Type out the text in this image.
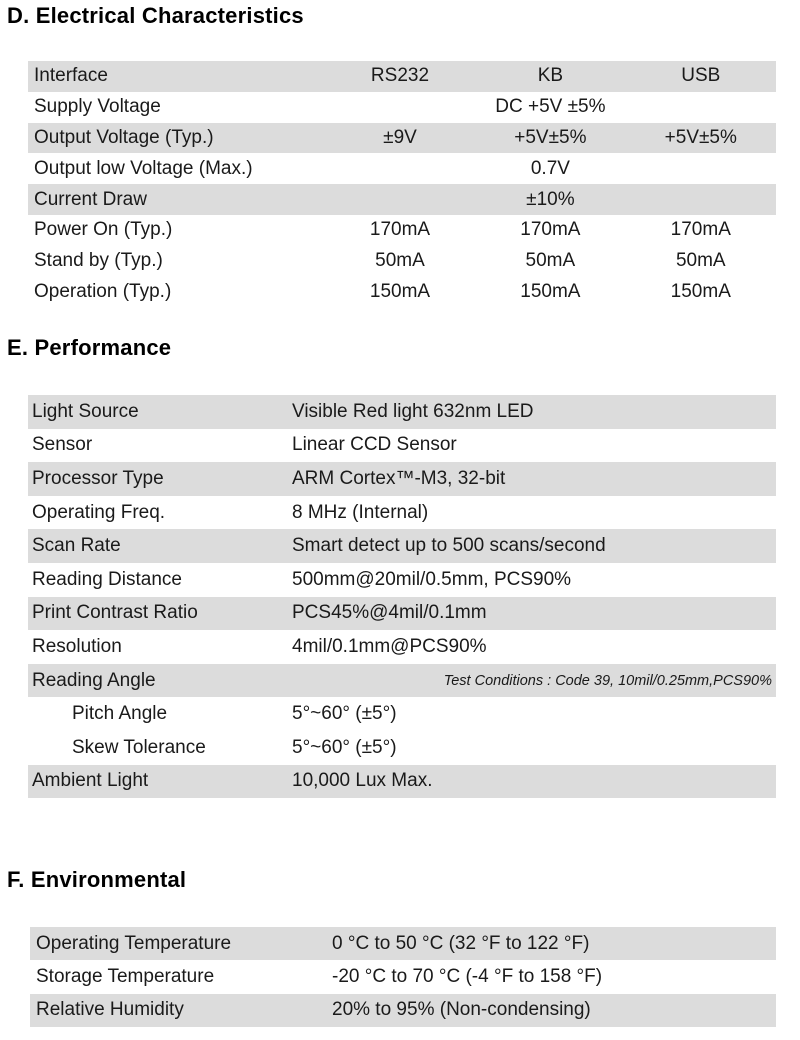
D. Electrical Characteristics
Interface	RS232	KB	USB
Supply Voltage	DC +5V ±5%		
Output Voltage (Typ.)	±9V	+5V±5%	+5V±5%
Output low Voltage (Max.)	0.7V		
Current Draw	±10%		
Power On (Typ.)	170mA	170mA	170mA
Stand by (Typ.)	50mA	50mA	50mA
Operation (Typ.)	150mA	150mA	150mA
E. Performance
Light Source	Visible Red light 632nm LED
Sensor	Linear CCD Sensor
Processor Type	ARM Cortex™-M3, 32-bit
Operating Freq.	8 MHz (Internal)
Scan Rate	Smart detect up to 500 scans/second
Reading Distance	500mm@20mil/0.5mm, PCS90%
Print Contrast Ratio	PCS45%@4mil/0.1mm
Resolution	4mil/0.1mm@PCS90%
Reading Angle	Test Conditions : Code 39, 10mil/0.25mm,PCS90%
Pitch Angle	5°~60° (±5°)
Skew Tolerance	5°~60° (±5°)
Ambient Light	10,000 Lux Max.
F. Environmental
Operating Temperature	0 °C to 50 °C (32 °F to 122 °F)
Storage Temperature	-20 °C to 70 °C (-4 °F to 158 °F)
Relative Humidity	20% to 95% (Non-condensing)
